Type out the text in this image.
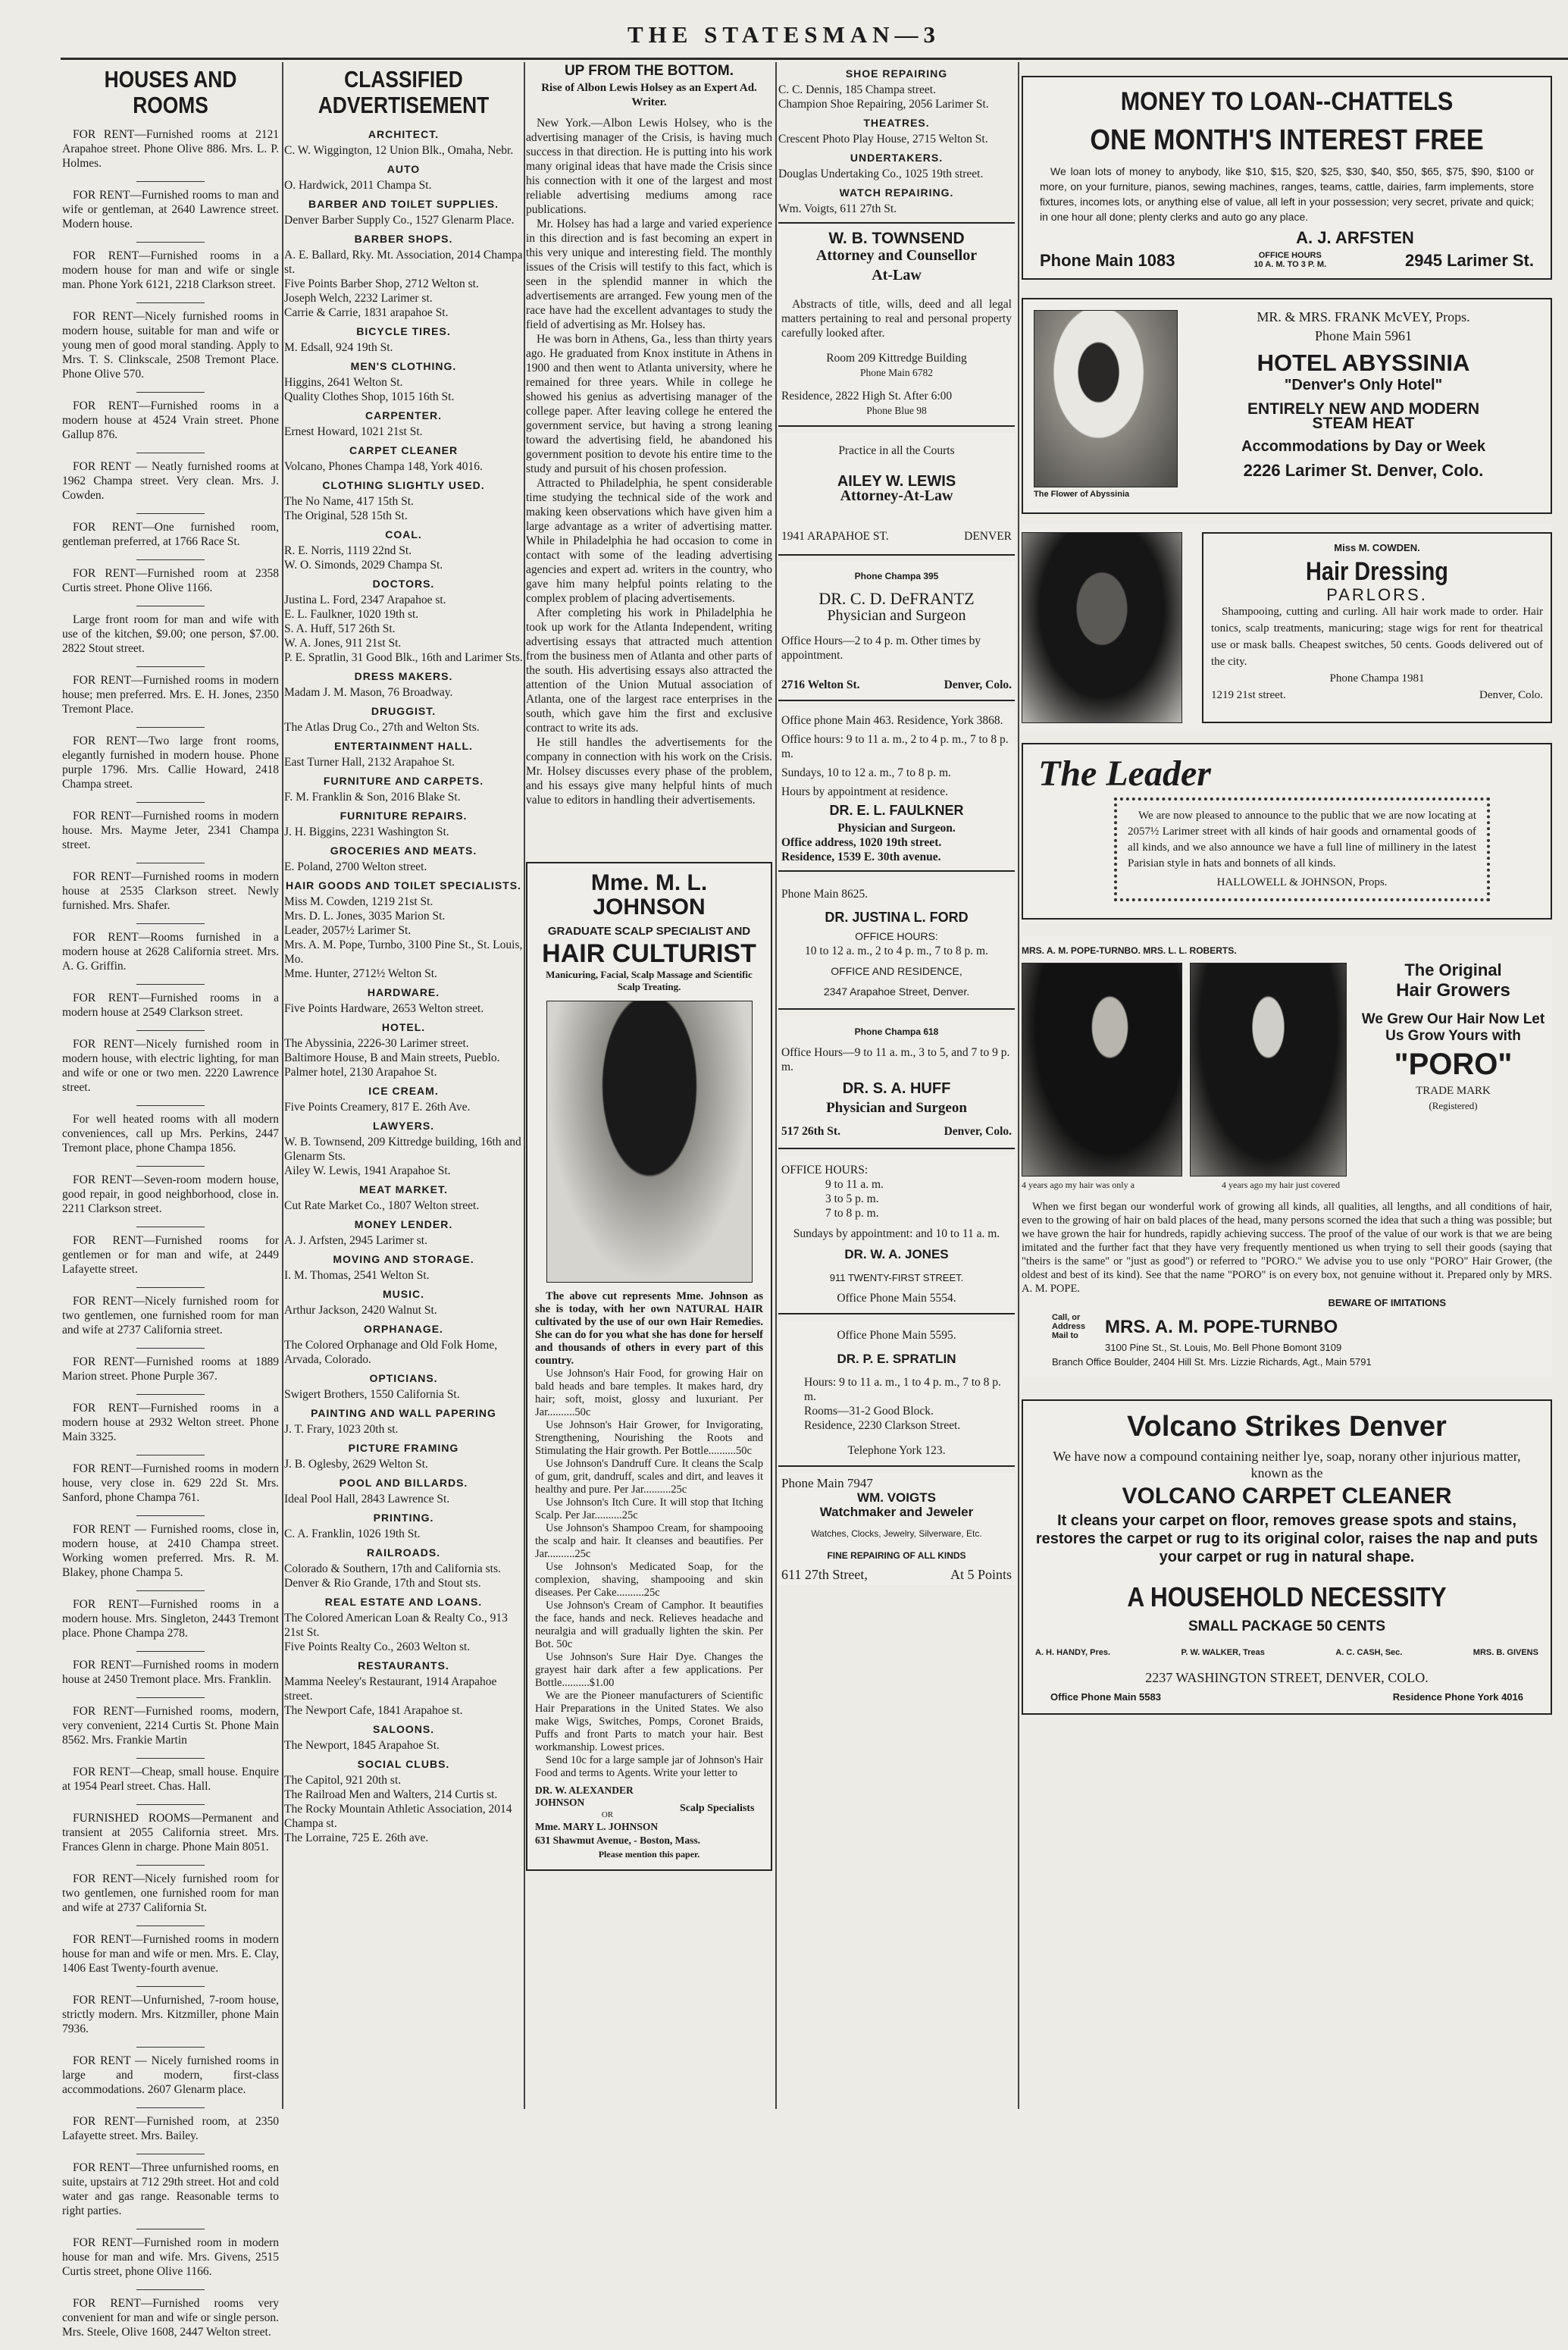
THE STATESMAN—3
HOUSES AND ROOMS

FOR RENT—Furnished rooms at 2121 Arapahoe street. Phone Olive 886. Mrs. L. P. Holmes.

FOR RENT—Furnished rooms to man and wife or gentleman, at 2640 Lawrence street. Modern house.

FOR RENT—Furnished rooms in a modern house for man and wife or single man. Phone York 6121, 2218 Clarkson street.

FOR RENT—Nicely furnished rooms in modern house, suitable for man and wife or young men of good moral standing. Apply to Mrs. T. S. Clinkscale, 2508 Tremont Place. Phone Olive 570.

FOR RENT—Furnished rooms in a modern house at 4524 Vrain street. Phone Gallup 876.

FOR RENT — Neatly furnished rooms at 1962 Champa street. Very clean. Mrs. J. Cowden.

FOR RENT—One furnished room, gentleman preferred, at 1766 Race St.

FOR RENT—Furnished room at 2358 Curtis street. Phone Olive 1166.

Large front room for man and wife with use of the kitchen, $9.00; one person, $7.00. 2822 Stout street.

FOR RENT—Furnished rooms in modern house; men preferred. Mrs. E. H. Jones, 2350 Tremont Place.

FOR RENT—Two large front rooms, elegantly furnished in modern house. Phone purple 1796. Mrs. Callie Howard, 2418 Champa street.

FOR RENT—Furnished rooms in modern house. Mrs. Mayme Jeter, 2341 Champa street.

FOR RENT—Furnished rooms in modern house at 2535 Clarkson street. Newly furnished. Mrs. Shafer.

FOR RENT—Rooms furnished in a modern house at 2628 California street. Mrs. A. G. Griffin.

FOR RENT—Furnished rooms in a modern house at 2549 Clarkson street.

FOR RENT—Nicely furnished room in modern house, with electric lighting, for man and wife or one or two men. 2220 Lawrence street.

For well heated rooms with all modern conveniences, call up Mrs. Perkins, 2447 Tremont place, phone Champa 1856.

FOR RENT—Seven-room modern house, good repair, in good neighborhood, close in. 2211 Clarkson street.

FOR RENT—Furnished rooms for gentlemen or for man and wife, at 2449 Lafayette street.

FOR RENT—Nicely furnished room for two gentlemen, one furnished room for man and wife at 2737 California street.

FOR RENT—Furnished rooms at 1889 Marion street. Phone Purple 367.

FOR RENT—Furnished rooms in a modern house at 2932 Welton street. Phone Main 3325.

FOR RENT—Furnished rooms in modern house, very close in. 629 22d St. Mrs. Sanford, phone Champa 761.

FOR RENT — Furnished rooms, close in, modern house, at 2410 Champa street. Working women preferred. Mrs. R. M. Blakey, phone Champa 5.

FOR RENT—Furnished rooms in a modern house. Mrs. Singleton, 2443 Tremont place. Phone Champa 278.

FOR RENT—Furnished rooms in modern house at 2450 Tremont place. Mrs. Franklin.

FOR RENT—Furnished rooms, modern, very convenient, 2214 Curtis St. Phone Main 8562. Mrs. Frankie Martin

FOR RENT—Cheap, small house. Enquire at 1954 Pearl street. Chas. Hall.

FURNISHED ROOMS—Permanent and transient at 2055 California street. Mrs. Frances Glenn in charge. Phone Main 8051.

FOR RENT—Nicely furnished room for two gentlemen, one furnished room for man and wife at 2737 California St.

FOR RENT—Furnished rooms in modern house for man and wife or men. Mrs. E. Clay, 1406 East Twenty-fourth avenue.

FOR RENT—Unfurnished, 7-room house, strictly modern. Mrs. Kitzmiller, phone Main 7936.

FOR RENT — Nicely furnished rooms in large and modern, first-class accommodations. 2607 Glenarm place.

FOR RENT—Furnished room, at 2350 Lafayette street. Mrs. Bailey.

FOR RENT—Three unfurnished rooms, en suite, upstairs at 712 29th street. Hot and cold water and gas range. Reasonable terms to right parties.

FOR RENT—Furnished room in modern house for man and wife. Mrs. Givens, 2515 Curtis street, phone Olive 1166.

FOR RENT—Furnished rooms very convenient for man and wife or single person. Mrs. Steele, Olive 1608, 2447 Welton street.

CLASSIFIED
ADVERTISEMENT
ARCHITECT.
C. W. Wiggington, 12 Union Blk., Omaha, Nebr.
AUTO
O. Hardwick, 2011 Champa St.
BARBER AND TOILET SUPPLIES.
Denver Barber Supply Co., 1527 Glenarm Place.
BARBER SHOPS.
A. E. Ballard, Rky. Mt. Association, 2014 Champa st.
Five Points Barber Shop, 2712 Welton st.
Joseph Welch, 2232 Larimer st.
Carrie & Carrie, 1831 arapahoe St.
BICYCLE TIRES.
M. Edsall, 924 19th St.
MEN'S CLOTHING.
Higgins, 2641 Welton St.
Quality Clothes Shop, 1015 16th St.
CARPENTER.
Ernest Howard, 1021 21st St.
CARPET CLEANER
Volcano, Phones Champa 148, York 4016.
CLOTHING SLIGHTLY USED.
The No Name, 417 15th St.
The Original, 528 15th St.
COAL.
R. E. Norris, 1119 22nd St.
W. O. Simonds, 2029 Champa St.
DOCTORS.
Justina L. Ford, 2347 Arapahoe st.
E. L. Faulkner, 1020 19th st.
S. A. Huff, 517 26th St.
W. A. Jones, 911 21st St.
P. E. Spratlin, 31 Good Blk., 16th and Larimer Sts.
DRESS MAKERS.
Madam J. M. Mason, 76 Broadway.
DRUGGIST.
The Atlas Drug Co., 27th and Welton Sts.
ENTERTAINMENT HALL.
East Turner Hall, 2132 Arapahoe St.
FURNITURE AND CARPETS.
F. M. Franklin & Son, 2016 Blake St.
FURNITURE REPAIRS.
J. H. Biggins, 2231 Washington St.
GROCERIES AND MEATS.
E. Poland, 2700 Welton street.
HAIR GOODS AND TOILET SPECIALISTS.
Miss M. Cowden, 1219 21st St.
Mrs. D. L. Jones, 3035 Marion St.
Leader, 2057½ Larimer St.
Mrs. A. M. Pope, Turnbo, 3100 Pine St., St. Louis, Mo.
Mme. Hunter, 2712½ Welton St.
HARDWARE.
Five Points Hardware, 2653 Welton street.
HOTEL.
The Abyssinia, 2226-30 Larimer street.
Baltimore House, B and Main streets, Pueblo.
Palmer hotel, 2130 Arapahoe St.
ICE CREAM.
Five Points Creamery, 817 E. 26th Ave.
LAWYERS.
W. B. Townsend, 209 Kittredge building, 16th and Glenarm Sts.
Ailey W. Lewis, 1941 Arapahoe St.
MEAT MARKET.
Cut Rate Market Co., 1807 Welton street.
MONEY LENDER.
A. J. Arfsten, 2945 Larimer st.
MOVING AND STORAGE.
I. M. Thomas, 2541 Welton St.
MUSIC.
Arthur Jackson, 2420 Walnut St.
ORPHANAGE.
The Colored Orphanage and Old Folk Home, Arvada, Colorado.
OPTICIANS.
Swigert Brothers, 1550 California St.
PAINTING AND WALL PAPERING
J. T. Frary, 1023 20th st.
PICTURE FRAMING
J. B. Oglesby, 2629 Welton St.
POOL AND BILLARDS.
Ideal Pool Hall, 2843 Lawrence St.
PRINTING.
C. A. Franklin, 1026 19th St.
RAILROADS.
Colorado & Southern, 17th and California sts.
Denver & Rio Grande, 17th and Stout sts.
REAL ESTATE AND LOANS.
The Colored American Loan & Realty Co., 913 21st St.
Five Points Realty Co., 2603 Welton st.
RESTAURANTS.
Mamma Neeley's Restaurant, 1914 Arapahoe street.
The Newport Cafe, 1841 Arapahoe st.
SALOONS.
The Newport, 1845 Arapahoe St.
SOCIAL CLUBS.
The Capitol, 921 20th st.
The Railroad Men and Walters, 214 Curtis st.
The Rocky Mountain Athletic Association, 2014 Champa st.
The Lorraine, 725 E. 26th ave.
UP FROM THE BOTTOM.
Rise of Albon Lewis Holsey as an Expert Ad. Writer.

New York.—Albon Lewis Holsey, who is the advertising manager of the Crisis, is having much success in that direction. He is putting into his work many original ideas that have made the Crisis since his connection with it one of the largest and most reliable advertising mediums among race publications.

Mr. Holsey has had a large and varied experience in this direction and is fast becoming an expert in this very unique and interesting field. The monthly issues of the Crisis will testify to this fact, which is seen in the splendid manner in which the advertisements are arranged. Few young men of the race have had the excellent advantages to study the field of advertising as Mr. Holsey has.

He was born in Athens, Ga., less than thirty years ago. He graduated from Knox institute in Athens in 1900 and then went to Atlanta university, where he remained for three years. While in college he showed his genius as advertising manager of the college paper. After leaving college he entered the government service, but having a strong leaning toward the advertising field, he abandoned his government position to devote his entire time to the study and pursuit of his chosen profession.

Attracted to Philadelphia, he spent considerable time studying the technical side of the work and making keen observations which have given him a large advantage as a writer of advertising matter. While in Philadelphia he had occasion to come in contact with some of the leading advertising agencies and expert ad. writers in the country, who gave him many helpful points relating to the complex problem of placing advertisements.

After completing his work in Philadelphia he took up work for the Atlanta Independent, writing advertising essays that attracted much attention from the business men of Atlanta and other parts of the south. His advertising essays also attracted the attention of the Union Mutual association of Atlanta, one of the largest race enterprises in the south, which gave him the first and exclusive contract to write its ads.

He still handles the advertisements for the company in connection with his work on the Crisis. Mr. Holsey discusses every phase of the problem, and his essays give many helpful hints of much value to editors in handling their advertisements.

Mme. M. L. JOHNSON
GRADUATE SCALP SPECIALIST AND
HAIR CULTURIST
Manicuring, Facial, Scalp Massage and Scientific Scalp Treating.
The above cut represents Mme. Johnson as she is today, with her own NATURAL HAIR cultivated by the use of our own Hair Remedies. She can do for you what she has done for herself and thousands of others in every part of this country.

Use Johnson's Hair Food, for growing Hair on bald heads and bare temples. It makes hard, dry hair; soft, moist, glossy and luxuriant. Per Jar..........50c

Use Johnson's Hair Grower, for Invigorating, Strengthening, Nourishing the Roots and Stimulating the Hair growth. Per Bottle..........50c

Use Johnson's Dandruff Cure. It cleans the Scalp of gum, grit, dandruff, scales and dirt, and leaves it healthy and pure. Per Jar..........25c

Use Johnson's Itch Cure. It will stop that Itching Scalp. Per Jar..........25c

Use Johnson's Shampoo Cream, for shampooing the scalp and hair. It cleanses and beautifies. Per Jar..........25c

Use Johnson's Medicated Soap, for the complexion, shaving, shampooing and skin diseases. Per Cake..........25c

Use Johnson's Cream of Camphor. It beautifies the face, hands and neck. Relieves headache and neuralgia and will gradually lighten the skin. Per Bot. 50c

Use Johnson's Sure Hair Dye. Changes the grayest hair dark after a few applications. Per Bottle..........$1.00

We are the Pioneer manufacturers of Scientific Hair Preparations in the United States. We also make Wigs, Switches, Pomps, Coronet Braids, Puffs and front Parts to match your hair. Best workmanship. Lowest prices.

Send 10c for a large sample jar of Johnson's Hair Food and terms to Agents. Write your letter to

DR. W. ALEXANDER JOHNSON
OR
Mme. MARY L. JOHNSON
Scalp Specialists
631 Shawmut Avenue, - Boston, Mass.
Please mention this paper.
SHOE REPAIRING
C. C. Dennis, 185 Champa street.
Champion Shoe Repairing, 2056 Larimer St.
THEATRES.
Crescent Photo Play House, 2715 Welton St.
UNDERTAKERS.
Douglas Undertaking Co., 1025 19th street.
WATCH REPAIRING.
Wm. Voigts, 611 27th St.
W. B. TOWNSEND
Attorney and Counsellor
At-Law
Abstracts of title, wills, deed and all legal matters pertaining to real and personal property carefully looked after.
Room 209 Kittredge Building
Phone Main 6782
Residence, 2822 High St. After 6:00
Phone Blue 98
Practice in all the Courts
AILEY W. LEWIS
Attorney-At-Law
1941 ARAPAHOE ST.	DENVER
Phone Champa 395
DR. C. D. DeFRANTZ
Physician and Surgeon
Office Hours—2 to 4 p. m. Other times by appointment.
2716 Welton St.	Denver, Colo.
Office phone Main 463. Residence, York 3868.
Office hours: 9 to 11 a. m., 2 to 4 p. m., 7 to 8 p. m.
Sundays, 10 to 12 a. m., 7 to 8 p. m.
Hours by appointment at residence.
DR. E. L. FAULKNER
Physician and Surgeon.
Office address, 1020 19th street.
Residence, 1539 E. 30th avenue.
Phone Main 8625.
DR. JUSTINA L. FORD
OFFICE HOURS:
10 to 12 a. m., 2 to 4 p. m., 7 to 8 p. m.
OFFICE AND RESIDENCE,
2347 Arapahoe Street, Denver.
Phone Champa 618
Office Hours—9 to 11 a. m., 3 to 5, and 7 to 9 p. m.
DR. S. A. HUFF
Physician and Surgeon
517 26th St.	Denver, Colo.
OFFICE HOURS:
9 to 11 a. m.
3 to 5 p. m.
7 to 8 p. m.
Sundays by appointment: and 10 to 11 a. m.
DR. W. A. JONES
911 TWENTY-FIRST STREET.
Office Phone Main 5554.
Office Phone Main 5595.
DR. P. E. SPRATLIN
Hours: 9 to 11 a. m., 1 to 4 p. m., 7 to 8 p. m.
Rooms—31-2 Good Block.
Residence, 2230 Clarkson Street.
Telephone York 123.
Phone Main 7947
WM. VOIGTS
Watchmaker and Jeweler
Watches, Clocks, Jewelry, Silverware, Etc.
FINE REPAIRING OF ALL KINDS
611 27th Street,	At 5 Points
MONEY TO LOAN--CHATTELS
ONE MONTH'S INTEREST FREE
We loan lots of money to anybody, like $10, $15, $20, $25, $30, $40, $50, $65, $75, $90, $100 or more, on your furniture, pianos, sewing machines, ranges, teams, cattle, dairies, farm implements, store fixtures, incomes lots, or anything else of value, all left in your possession; very secret, private and quick; in one hour all done; plenty clerks and auto go any place.
A. J. ARFSTEN
Phone Main 1083	OFFICE HOURS
10 A. M. TO 3 P. M.	2945 Larimer St.
The Flower of Abyssinia
MR. & MRS. FRANK McVEY, Props.
Phone Main 5961
HOTEL ABYSSINIA
"Denver's Only Hotel"
ENTIRELY NEW AND MODERN
STEAM HEAT
Accommodations by Day or Week
2226 Larimer St. Denver, Colo.
Miss M. COWDEN.
Hair Dressing
PARLORS.
Shampooing, cutting and curling. All hair work made to order. Hair tonics, scalp treatments, manicuring; stage wigs for rent for theatrical use or mask balls. Cheapest switches, 50 cents. Goods delivered out of the city.
Phone Champa 1981
1219 21st street.	Denver, Colo.
The Leader
We are now pleased to announce to the public that we are now locating at 2057½ Larimer street with all kinds of hair goods and ornamental goods of all kinds, and we also announce we have a full line of millinery in the latest Parisian style in hats and bonnets of all kinds.
HALLOWELL & JOHNSON, Props.
MRS. A. M. POPE-TURNBO. MRS. L. L. ROBERTS.
The Original
Hair Growers
We Grew Our Hair Now Let Us Grow Yours with
"PORO"
TRADE MARK
(Registered)
4 years ago my hair was only a	4 years ago my hair just covered
When we first began our wonderful work of growing all kinds, all qualities, all lengths, and all conditions of hair, even to the growing of hair on bald places of the head, many persons scorned the idea that such a thing was possible; but we have grown the hair for hundreds, rapidly achieving success. The proof of the value of our work is that we are being imitated and the further fact that they have very frequently mentioned us when trying to sell their goods (saying that "theirs is the same" or "just as good") or referred to "PORO." We advise you to use only "PORO" Hair Grower, (the oldest and best of its kind). See that the name "PORO" is on every box, not genuine without it. Prepared only by MRS. A. M. POPE.
BEWARE OF IMITATIONS
Call, or Address Mail to	MRS. A. M. POPE-TURNBO
3100 Pine St., St. Louis, Mo. Bell Phone Bomont 3109
Branch Office Boulder, 2404 Hill St. Mrs. Lizzie Richards, Agt., Main 5791
Volcano Strikes Denver
We have now a compound containing neither lye, soap, norany other injurious matter, known as the
VOLCANO CARPET CLEANER
It cleans your carpet on floor, removes grease spots and stains, restores the carpet or rug to its original color, raises the nap and puts your carpet or rug in natural shape.
A HOUSEHOLD NECESSITY
SMALL PACKAGE 50 CENTS
A. H. HANDY, Pres.	P. W. WALKER, Treas	A. C. CASH, Sec.	MRS. B. GIVENS
2237 WASHINGTON STREET, DENVER, COLO.
Office Phone Main 5583	Residence Phone York 4016
